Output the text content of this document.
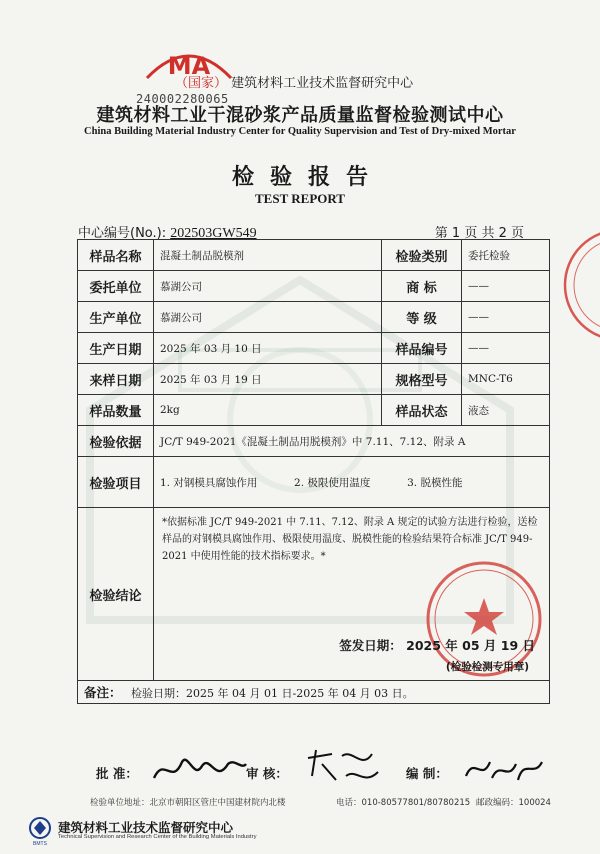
MA
240002280065
（国家） 建筑材料工业技术监督研究中心
建筑材料工业干混砂浆产品质量监督检验测试中心
China Building Material Industry Center for Quality Supervision and Test of Dry-mixed Mortar
检验报告
TEST REPORT
中心编号(No.): 202503GW549	第 1 页 共 2 页
样品名称	混凝土制品脱模剂	检验类别	委托检验
委托单位	慕湖公司	商 标	——
生产单位	慕湖公司	等 级	——
生产日期	2025 年 03 月 10 日	样品编号	——
来样日期	2025 年 03 月 19 日	规格型号	MNC-T6
样品数量	2kg	样品状态	液态
检验依据	JC/T 949-2021《混凝土制品用脱模剂》中 7.11、7.12、附录 A		
检验项目	1. 对钢模具腐蚀作用 2. 极限使用温度 3. 脱模性能		
检验结论	*依据标准 JC/T 949-2021 中 7.11、7.12、附录 A 规定的试验方法进行检验，送检样品的对钢模具腐蚀作用、极限使用温度、脱模性能的检验结果符合标准 JC/T 949-2021 中使用性能的技术指标要求。*
签发日期： 2025 年 05 月 19 日
(检验检测专用章)		

备注： 检验日期：2025 年 04 月 01 日-2025 年 04 月 03 日。			
批 准：	审 核：	编 制：
检验单位地址：北京市朝阳区管庄中国建材院内北楼	电话：010-80577801/80780215 邮政编码：100024
BMTS
建筑材料工业技术监督研究中心
Technical Supervision and Research Center of the Building Materials Industry
